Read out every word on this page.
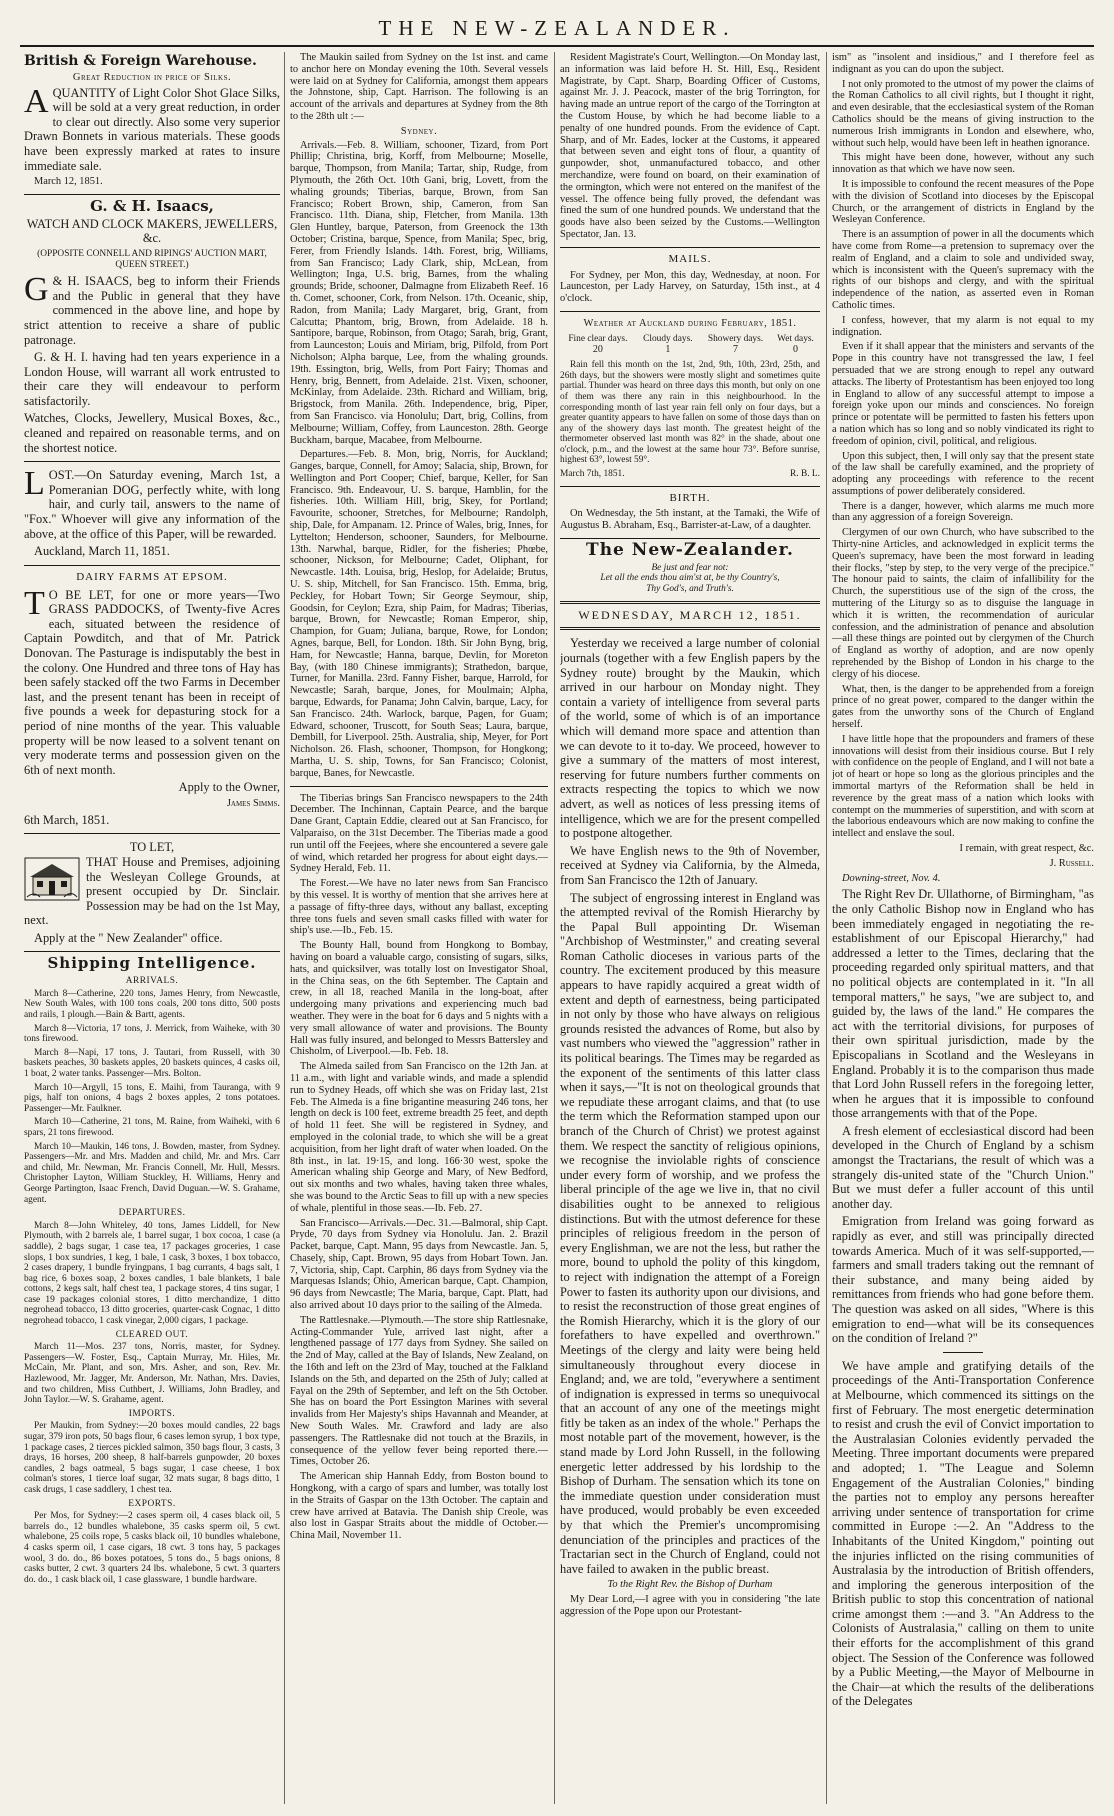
THE NEW-ZEALANDER.
British & Foreign Warehouse.
Great Reduction in price of Silks.

AQUANTITY of Light Color Shot Glace Silks, will be sold at a very great reduction, in order to clear out directly. Also some very superior Drawn Bonnets in various materials. These goods have been expressly marked at rates to insure immediate sale.

March 12, 1851.

G. & H. Isaacs,
WATCH AND CLOCK MAKERS, JEWELLERS, &c.
(OPPOSITE CONNELL AND RIPINGS' AUCTION MART, QUEEN STREET.)

G & H. ISAACS, beg to inform their Friends and the Public in general that they have commenced in the above line, and hope by strict attention to receive a share of public patronage.

G. & H. I. having had ten years experience in a London House, will warrant all work entrusted to their care they will endeavour to perform satisfactorily.

Watches, Clocks, Jewellery, Musical Boxes, &c., cleaned and repaired on reasonable terms, and on the shortest notice.

LOST.—On Saturday evening, March 1st, a Pomeranian DOG, perfectly white, with long hair, and curly tail, answers to the name of "Fox." Whoever will give any information of the above, at the office of this Paper, will be rewarded.

Auckland, March 11, 1851.

DAIRY FARMS AT EPSOM.

T O BE LET, for one or more years—Two GRASS PADDOCKS, of Twenty-five Acres each, situated between the residence of Captain Powditch, and that of Mr. Patrick Donovan. The Pasturage is indisputably the best in the colony. One Hundred and three tons of Hay has been safely stacked off the two Farms in December last, and the present tenant has been in receipt of five pounds a week for depasturing stock for a period of nine months of the year. This valuable property will be now leased to a solvent tenant on very moderate terms and possession given on the 6th of next month.

Apply to the Owner,

James Simms.

6th March, 1851.

TO LET,

THAT House and Premises, adjoining the Wesleyan College Grounds, at present occupied by Dr. Sinclair. Possession may be had on the 1st May, next.

Apply at the " New Zealander" office.

Shipping Intelligence.
ARRIVALS.

March 8—Catherine, 220 tons, James Henry, from Newcastle, New South Wales, with 100 tons coals, 200 tons ditto, 500 posts and rails, 1 plough.—Bain & Bartt, agents.

March 8—Victoria, 17 tons, J. Merrick, from Waiheke, with 30 tons firewood.

March 8—Napi, 17 tons, J. Tautari, from Russell, with 30 baskets peaches, 30 baskets apples, 20 baskets quinces, 4 casks oil, 1 boat, 2 water tanks. Passenger—Mrs. Bolton.

March 10—Argyll, 15 tons, E. Maihi, from Tauranga, with 9 pigs, half ton onions, 4 bags 2 boxes apples, 2 tons potatoes. Passenger—Mr. Faulkner.

March 10—Catherine, 21 tons, M. Raine, from Waiheki, with 6 spars, 21 tons firewood.

March 10—Maukin, 146 tons, J. Bowden, master, from Sydney. Passengers—Mr. and Mrs. Madden and child, Mr. and Mrs. Carr and child, Mr. Newman, Mr. Francis Connell, Mr. Hull, Messrs. Christopher Layton, William Stuckley, H. Williams, Henry and George Partington, Isaac French, David Duguan.—W. S. Grahame, agent.

DEPARTURES.

March 8—John Whiteley, 40 tons, James Liddell, for New Plymouth, with 2 barrels ale, 1 barrel sugar, 1 box cocoa, 1 case (a saddle), 2 bags sugar, 1 case tea, 17 packages groceries, 1 case slops, 1 box sundries, 1 keg, 1 bale, 1 cask, 3 boxes, 1 box tobacco, 2 cases drapery, 1 bundle fryingpans, 1 bag currants, 4 bags salt, 1 bag rice, 6 boxes soap, 2 boxes candles, 1 bale blankets, 1 bale cottons, 2 kegs salt, half chest tea, 1 package stores, 4 tins sugar, 1 case 19 packages colonial stores, 1 ditto merchandize, 1 ditto negrohead tobacco, 13 ditto groceries, quarter-cask Cognac, 1 ditto negrohead tobacco, 1 cask vinegar, 2,000 cigars, 1 package.

CLEARED OUT.

March 11—Mos. 237 tons, Norris, master, for Sydney. Passengers—W. Foster, Esq., Captain Murray, Mr. Hiles, Mr. McCain, Mr. Plant, and son, Mrs. Asher, and son, Rev. Mr. Hazlewood, Mr. Jagger, Mr. Anderson, Mr. Nathan, Mrs. Davies, and two children, Miss Cuthbert, J. Williams, John Bradley, and John Taylor.—W. S. Grahame, agent.

IMPORTS.

Per Maukin, from Sydney:—20 boxes mould candles, 22 bags sugar, 379 iron pots, 50 bags flour, 6 cases lemon syrup, 1 box type, 1 package cases, 2 tierces pickled salmon, 350 bags flour, 3 casts, 3 drays, 16 horses, 200 sheep, 8 half-barrels gunpowder, 20 boxes candles, 2 bags oatmeal, 5 bags sugar, 1 case cheese, 1 box colman's stores, 1 tierce loaf sugar, 32 mats sugar, 8 bags ditto, 1 cask drugs, 1 case saddlery, 1 chest tea.

EXPORTS.

Per Mos, for Sydney:—2 cases sperm oil, 4 cases black oil, 5 barrels do., 12 bundles whalebone, 35 casks sperm oil, 5 cwt. whalebone, 25 coils rope, 5 casks black oil, 10 bundles whalebone, 4 casks sperm oil, 1 case cigars, 18 cwt. 3 tons hay, 5 packages wool, 3 do. do., 86 boxes potatoes, 5 tons do., 5 bags onions, 8 casks butter, 2 cwt. 3 quarters 24 lbs. whalebone, 5 cwt. 3 quarters do. do., 1 cask black oil, 1 case glassware, 1 bundle hardware.

The Maukin sailed from Sydney on the 1st inst. and came to anchor here on Monday evening the 10th. Several vessels were laid on at Sydney for California, amongst them appears the Johnstone, ship, Capt. Harrison. The following is an account of the arrivals and departures at Sydney from the 8th to the 28th ult :—

Sydney.

Arrivals.—Feb. 8. William, schooner, Tizard, from Port Phillip; Christina, brig, Korff, from Melbourne; Moselle, barque, Thompson, from Manila; Tartar, ship, Rudge, from Plymouth, the 26th Oct. 10th Gani, brig, Lovett, from the whaling grounds; Tiberias, barque, Brown, from San Francisco; Robert Brown, ship, Cameron, from San Francisco. 11th. Diana, ship, Fletcher, from Manila. 13th Glen Huntley, barque, Paterson, from Greenock the 13th October; Cristina, barque, Spence, from Manila; Spec, brig, Ferer, from Friendly Islands. 14th. Forest, brig, Williams, from San Francisco; Lady Clark, ship, McLean, from Wellington; Inga, U.S. brig, Barnes, from the whaling grounds; Bride, schooner, Dalmagne from Elizabeth Reef. 16 th. Comet, schooner, Cork, from Nelson. 17th. Oceanic, ship, Radon, from Manila; Lady Margaret, brig, Grant, from Calcutta; Phantom, brig, Brown, from Adelaide. 18 h. Santipore, barque, Robinson, from Otago; Sarah, brig, Grant, from Launceston; Louis and Miriam, brig, Pilfold, from Port Nicholson; Alpha barque, Lee, from the whaling grounds. 19th. Essington, brig, Wells, from Port Fairy; Thomas and Henry, brig, Bennett, from Adelaide. 21st. Vixen, schooner, McKinlay, from Adelaide. 23th. Richard and William, brig, Brigstock, from Manila. 26th. Independence, brig, Piper, from San Francisco. via Honolulu; Dart, brig, Collins, from Melbourne; William, Coffey, from Launceston. 28th. George Buckham, barque, Macabee, from Melbourne.

Departures.—Feb. 8. Mon, brig, Norris, for Auckland; Ganges, barque, Connell, for Amoy; Salacia, ship, Brown, for Wellington and Port Cooper; Chief, barque, Keller, for San Francisco. 9th. Endeavour, U. S. barque, Hamblin, for the fisheries. 10th. William Hill, brig, Skey, for Portland; Favourite, schooner, Stretches, for Melbourne; Randolph, ship, Dale, for Ampanam. 12. Prince of Wales, brig, Innes, for Lyttelton; Henderson, schooner, Saunders, for Melbourne. 13th. Narwhal, barque, Ridler, for the fisheries; Phœbe, schooner, Nickson, for Melbourne; Cadet, Oliphant, for Newcastle. 14th. Louisa, brig, Heslop, for Adelaide; Brutus, U. S. ship, Mitchell, for San Francisco. 15th. Emma, brig, Peckley, for Hobart Town; Sir George Seymour, ship, Goodsin, for Ceylon; Ezra, ship Paim, for Madras; Tiberias, barque, Brown, for Newcastle; Roman Emperor, ship, Champion, for Guam; Juliana, barque, Rowe, for London; Agnes, barque, Bell, for London. 18th. Sir John Byng, brig, Ham, for Newcastle; Hanna, barque, Devlin, for Moreton Bay, (with 180 Chinese immigrants); Strathedon, barque, Turner, for Manilla. 23rd. Fanny Fisher, barque, Harrold, for Newcastle; Sarah, barque, Jones, for Moulmain; Alpha, barque, Edwards, for Panama; John Calvin, barque, Lacy, for San Francisco. 24th. Warlock, barque, Pagen, for Guam; Edward, schooner, Truscott, for South Seas; Laura, barque, Dembill, for Liverpool. 25th. Australia, ship, Meyer, for Port Nicholson. 26. Flash, schooner, Thompson, for Hongkong; Martha, U. S. ship, Towns, for San Francisco; Colonist, barque, Banes, for Newcastle.

The Tiberias brings San Francisco newspapers to the 24th December. The Inchinnan, Captain Pearce, and the barque Dane Grant, Captain Eddie, cleared out at San Francisco, for Valparaiso, on the 31st December. The Tiberias made a good run until off the Feejees, where she encountered a severe gale of wind, which retarded her progress for about eight days.—Sydney Herald, Feb. 11.

The Forest.—We have no later news from San Francisco by this vessel. It is worthy of mention that she arrives here at a passage of fifty-three days, without any ballast, excepting three tons fuels and seven small casks filled with water for ship's use.—Ib., Feb. 15.

The Bounty Hall, bound from Hongkong to Bombay, having on board a valuable cargo, consisting of sugars, silks, hats, and quicksilver, was totally lost on Investigator Shoal, in the China seas, on the 6th September. The Captain and crew, in all 18, reached Manila in the long-boat, after undergoing many privations and experiencing much bad weather. They were in the boat for 6 days and 5 nights with a very small allowance of water and provisions. The Bounty Hall was fully insured, and belonged to Messrs Battersley and Chisholm, of Liverpool.—Ib. Feb. 18.

The Almeda sailed from San Francisco on the 12th Jan. at 11 a.m., with light and variable winds, and made a splendid run to Sydney Heads, off which she was on Friday last, 21st Feb. The Almeda is a fine brigantine measuring 246 tons, her length on deck is 100 feet, extreme breadth 25 feet, and depth of hold 11 feet. She will be registered in Sydney, and employed in the colonial trade, to which she will be a great acquisition, from her light draft of water when loaded. On the 8th inst., in lat. 19·15, and long. 166·30 west, spoke the American whaling ship George and Mary, of New Bedford, out six months and two whales, having taken three whales, she was bound to the Arctic Seas to fill up with a new species of whale, plentiful in those seas.—Ib. Feb. 27.

San Francisco—Arrivals.—Dec. 31.—Balmoral, ship Capt. Pryde, 70 days from Sydney via Honolulu. Jan. 2. Brazil Packet, barque, Capt. Mann, 95 days from Newcastle. Jan. 5, Chasely, ship, Capt. Brown, 95 days from Hobart Town. Jan. 7, Victoria, ship, Capt. Carphin, 86 days from Sydney via the Marquesas Islands; Ohio, American barque, Capt. Champion, 96 days from Newcastle; The Maria, barque, Capt. Platt, had also arrived about 10 days prior to the sailing of the Almeda.

The Rattlesnake.—Plymouth.—The store ship Rattlesnake, Acting-Commander Yule, arrived last night, after a lengthened passage of 177 days from Sydney. She sailed on the 2nd of May, called at the Bay of Islands, New Zealand, on the 16th and left on the 23rd of May, touched at the Falkland Islands on the 5th, and departed on the 25th of July; called at Fayal on the 29th of September, and left on the 5th October. She has on board the Port Essington Marines with several invalids from Her Majesty's ships Havannah and Meander, at New South Wales. Mr. Crawford and lady are also passengers. The Rattlesnake did not touch at the Brazils, in consequence of the yellow fever being reported there.—Times, October 26.

The American ship Hannah Eddy, from Boston bound to Hongkong, with a cargo of spars and lumber, was totally lost in the Straits of Gaspar on the 13th October. The captain and crew have arrived at Batavia. The Danish ship Creole, was also lost in Gaspar Straits about the middle of October.—China Mail, November 11.

Resident Magistrate's Court, Wellington.—On Monday last, an information was laid before H. St. Hill, Esq., Resident Magistrate, by Capt. Sharp, Boarding Officer of Customs, against Mr. J. J. Peacock, master of the brig Torrington, for having made an untrue report of the cargo of the Torrington at the Custom House, by which he had become liable to a penalty of one hundred pounds. From the evidence of Capt. Sharp, and of Mr. Eades, locker at the Customs, it appeared that between seven and eight tons of flour, a quantity of gunpowder, shot, unmanufactured tobacco, and other merchandize, were found on board, on their examination of the ormington, which were not entered on the manifest of the vessel. The offence being fully proved, the defendant was fined the sum of one hundred pounds. We understand that the goods have also been seized by the Customs.—Wellington Spectator, Jan. 13.

MAILS.

For Sydney, per Mon, this day, Wednesday, at noon. For Launceston, per Lady Harvey, on Saturday, 15th inst., at 4 o'clock.

Weather at Auckland during February, 1851.
Fine clear days.	Cloudy days.	Showery days.	Wet days.
20	1	7	0

Rain fell this month on the 1st, 2nd, 9th, 10th, 23rd, 25th, and 26th days, but the showers were mostly slight and sometimes quite partial. Thunder was heard on three days this month, but only on one of them was there any rain in this neighbourhood. In the corresponding month of last year rain fell only on four days, but a greater quantity appears to have fallen on some of those days than on any of the showery days last month. The greatest height of the thermometer observed last month was 82° in the shade, about one o'clock, p.m., and the lowest at the same hour 73°. Before sunrise, highest 63°, lowest 59°.

March 7th, 1851.	R. B. L.
BIRTH.

On Wednesday, the 5th instant, at the Tamaki, the Wife of Augustus B. Abraham, Esq., Barrister-at-Law, of a daughter.

The New-Zealander.
Be just and fear not:
Let all the ends thou aim'st at, be thy Country's,
Thy God's, and Truth's.
WEDNESDAY, MARCH 12, 1851.

Yesterday we received a large number of colonial journals (together with a few English papers by the Sydney route) brought by the Maukin, which arrived in our harbour on Monday night. They contain a variety of intelligence from several parts of the world, some of which is of an importance which will demand more space and attention than we can devote to it to-day. We proceed, however to give a summary of the matters of most interest, reserving for future numbers further comments on extracts respecting the topics to which we now advert, as well as notices of less pressing items of intelligence, which we are for the present compelled to postpone altogether.

We have English news to the 9th of November, received at Sydney via California, by the Almeda, from San Francisco the 12th of January.

The subject of engrossing interest in England was the attempted revival of the Romish Hierarchy by the Papal Bull appointing Dr. Wiseman "Archbishop of Westminster," and creating several Roman Catholic dioceses in various parts of the country. The excitement produced by this measure appears to have rapidly acquired a great width of extent and depth of earnestness, being participated in not only by those who have always on religious grounds resisted the advances of Rome, but also by vast numbers who viewed the "aggression" rather in its political bearings. The Times may be regarded as the exponent of the sentiments of this latter class when it says,—"It is not on theological grounds that we repudiate these arrogant claims, and that (to use the term which the Reformation stamped upon our branch of the Church of Christ) we protest against them. We respect the sanctity of religious opinions, we recognise the inviolable rights of conscience under every form of worship, and we profess the liberal principle of the age we live in, that no civil disabilities ought to be annexed to religious distinctions. But with the utmost deference for these principles of religious freedom in the person of every Englishman, we are not the less, but rather the more, bound to uphold the polity of this kingdom, to reject with indignation the attempt of a Foreign Power to fasten its authority upon our divisions, and to resist the reconstruction of those great engines of the Romish Hierarchy, which it is the glory of our forefathers to have expelled and overthrown." Meetings of the clergy and laity were being held simultaneously throughout every diocese in England; and, we are told, "everywhere a sentiment of indignation is expressed in terms so unequivocal that an account of any one of the meetings might fitly be taken as an index of the whole." Perhaps the most notable part of the movement, however, is the stand made by Lord John Russell, in the following energetic letter addressed by his lordship to the Bishop of Durham. The sensation which its tone on the immediate question under consideration must have produced, would probably be even exceeded by that which the Premier's uncompromising denunciation of the principles and practices of the Tractarian sect in the Church of England, could not have failed to awaken in the public breast.

To the Right Rev. the Bishop of Durham

My Dear Lord,—I agree with you in considering "the late aggression of the Pope upon our Protestant-

ism" as "insolent and insidious," and I therefore feel as indignant as you can do upon the subject.

I not only promoted to the utmost of my power the claims of the Roman Catholics to all civil rights, but I thought it right, and even desirable, that the ecclesiastical system of the Roman Catholics should be the means of giving instruction to the numerous Irish immigrants in London and elsewhere, who, without such help, would have been left in heathen ignorance.

This might have been done, however, without any such innovation as that which we have now seen.

It is impossible to confound the recent measures of the Pope with the division of Scotland into dioceses by the Episcopal Church, or the arrangement of districts in England by the Wesleyan Conference.

There is an assumption of power in all the documents which have come from Rome—a pretension to supremacy over the realm of England, and a claim to sole and undivided sway, which is inconsistent with the Queen's supremacy with the rights of our bishops and clergy, and with the spiritual independence of the nation, as asserted even in Roman Catholic times.

I confess, however, that my alarm is not equal to my indignation.

Even if it shall appear that the ministers and servants of the Pope in this country have not transgressed the law, I feel persuaded that we are strong enough to repel any outward attacks. The liberty of Protestantism has been enjoyed too long in England to allow of any successful attempt to impose a foreign yoke upon our minds and consciences. No foreign prince or potentate will be permitted to fasten his fetters upon a nation which has so long and so nobly vindicated its right to freedom of opinion, civil, political, and religious.

Upon this subject, then, I will only say that the present state of the law shall be carefully examined, and the propriety of adopting any proceedings with reference to the recent assumptions of power deliberately considered.

There is a danger, however, which alarms me much more than any aggression of a foreign Sovereign.

Clergymen of our own Church, who have subscribed to the Thirty-nine Articles, and acknowledged in explicit terms the Queen's supremacy, have been the most forward in leading their flocks, "step by step, to the very verge of the precipice." The honour paid to saints, the claim of infallibility for the Church, the superstitious use of the sign of the cross, the muttering of the Liturgy so as to disguise the language in which it is written, the recommendation of auricular confession, and the administration of penance and absolution—all these things are pointed out by clergymen of the Church of England as worthy of adoption, and are now openly reprehended by the Bishop of London in his charge to the clergy of his diocese.

What, then, is the danger to be apprehended from a foreign prince of no great power, compared to the danger within the gates from the unworthy sons of the Church of England herself.

I have little hope that the propounders and framers of these innovations will desist from their insidious course. But I rely with confidence on the people of England, and I will not bate a jot of heart or hope so long as the glorious principles and the immortal martyrs of the Reformation shall be held in reverence by the great mass of a nation which looks with contempt on the mummeries of superstition, and with scorn at the laborious endeavours which are now making to confine the intellect and enslave the soul.

I remain, with great respect, &c.

J. Russell.

Downing-street, Nov. 4.

The Right Rev Dr. Ullathorne, of Birmingham, "as the only Catholic Bishop now in England who has been immediately engaged in negotiating the re-establishment of our Episcopal Hierarchy," had addressed a letter to the Times, declaring that the proceeding regarded only spiritual matters, and that no political objects are contemplated in it. "In all temporal matters," he says, "we are subject to, and guided by, the laws of the land." He compares the act with the territorial divisions, for purposes of their own spiritual jurisdiction, made by the Episcopalians in Scotland and the Wesleyans in England. Probably it is to the comparison thus made that Lord John Russell refers in the foregoing letter, when he argues that it is impossible to confound those arrangements with that of the Pope.

A fresh element of ecclesiastical discord had been developed in the Church of England by a schism amongst the Tractarians, the result of which was a strangely dis-united state of the "Church Union." But we must defer a fuller account of this until another day.

Emigration from Ireland was going forward as rapidly as ever, and still was principally directed towards America. Much of it was self-supported,—farmers and small traders taking out the remnant of their substance, and many being aided by remittances from friends who had gone before them. The question was asked on all sides, "Where is this emigration to end—what will be its consequences on the condition of Ireland ?"

We have ample and gratifying details of the proceedings of the Anti-Transportation Conference at Melbourne, which commenced its sittings on the first of February. The most energetic determination to resist and crush the evil of Convict importation to the Australasian Colonies evidently pervaded the Meeting. Three important documents were prepared and adopted; 1. "The League and Solemn Engagement of the Australian Colonies," binding the parties not to employ any persons hereafter arriving under sentence of transportation for crime committed in Europe :—2. An "Address to the Inhabitants of the United Kingdom," pointing out the injuries inflicted on the rising communities of Australasia by the introduction of British offenders, and imploring the generous interposition of the British public to stop this concentration of national crime amongst them :—and 3. "An Address to the Colonists of Australasia," calling on them to unite their efforts for the accomplishment of this grand object. The Session of the Conference was followed by a Public Meeting,—the Mayor of Melbourne in the Chair—at which the results of the deliberations of the Delegates
